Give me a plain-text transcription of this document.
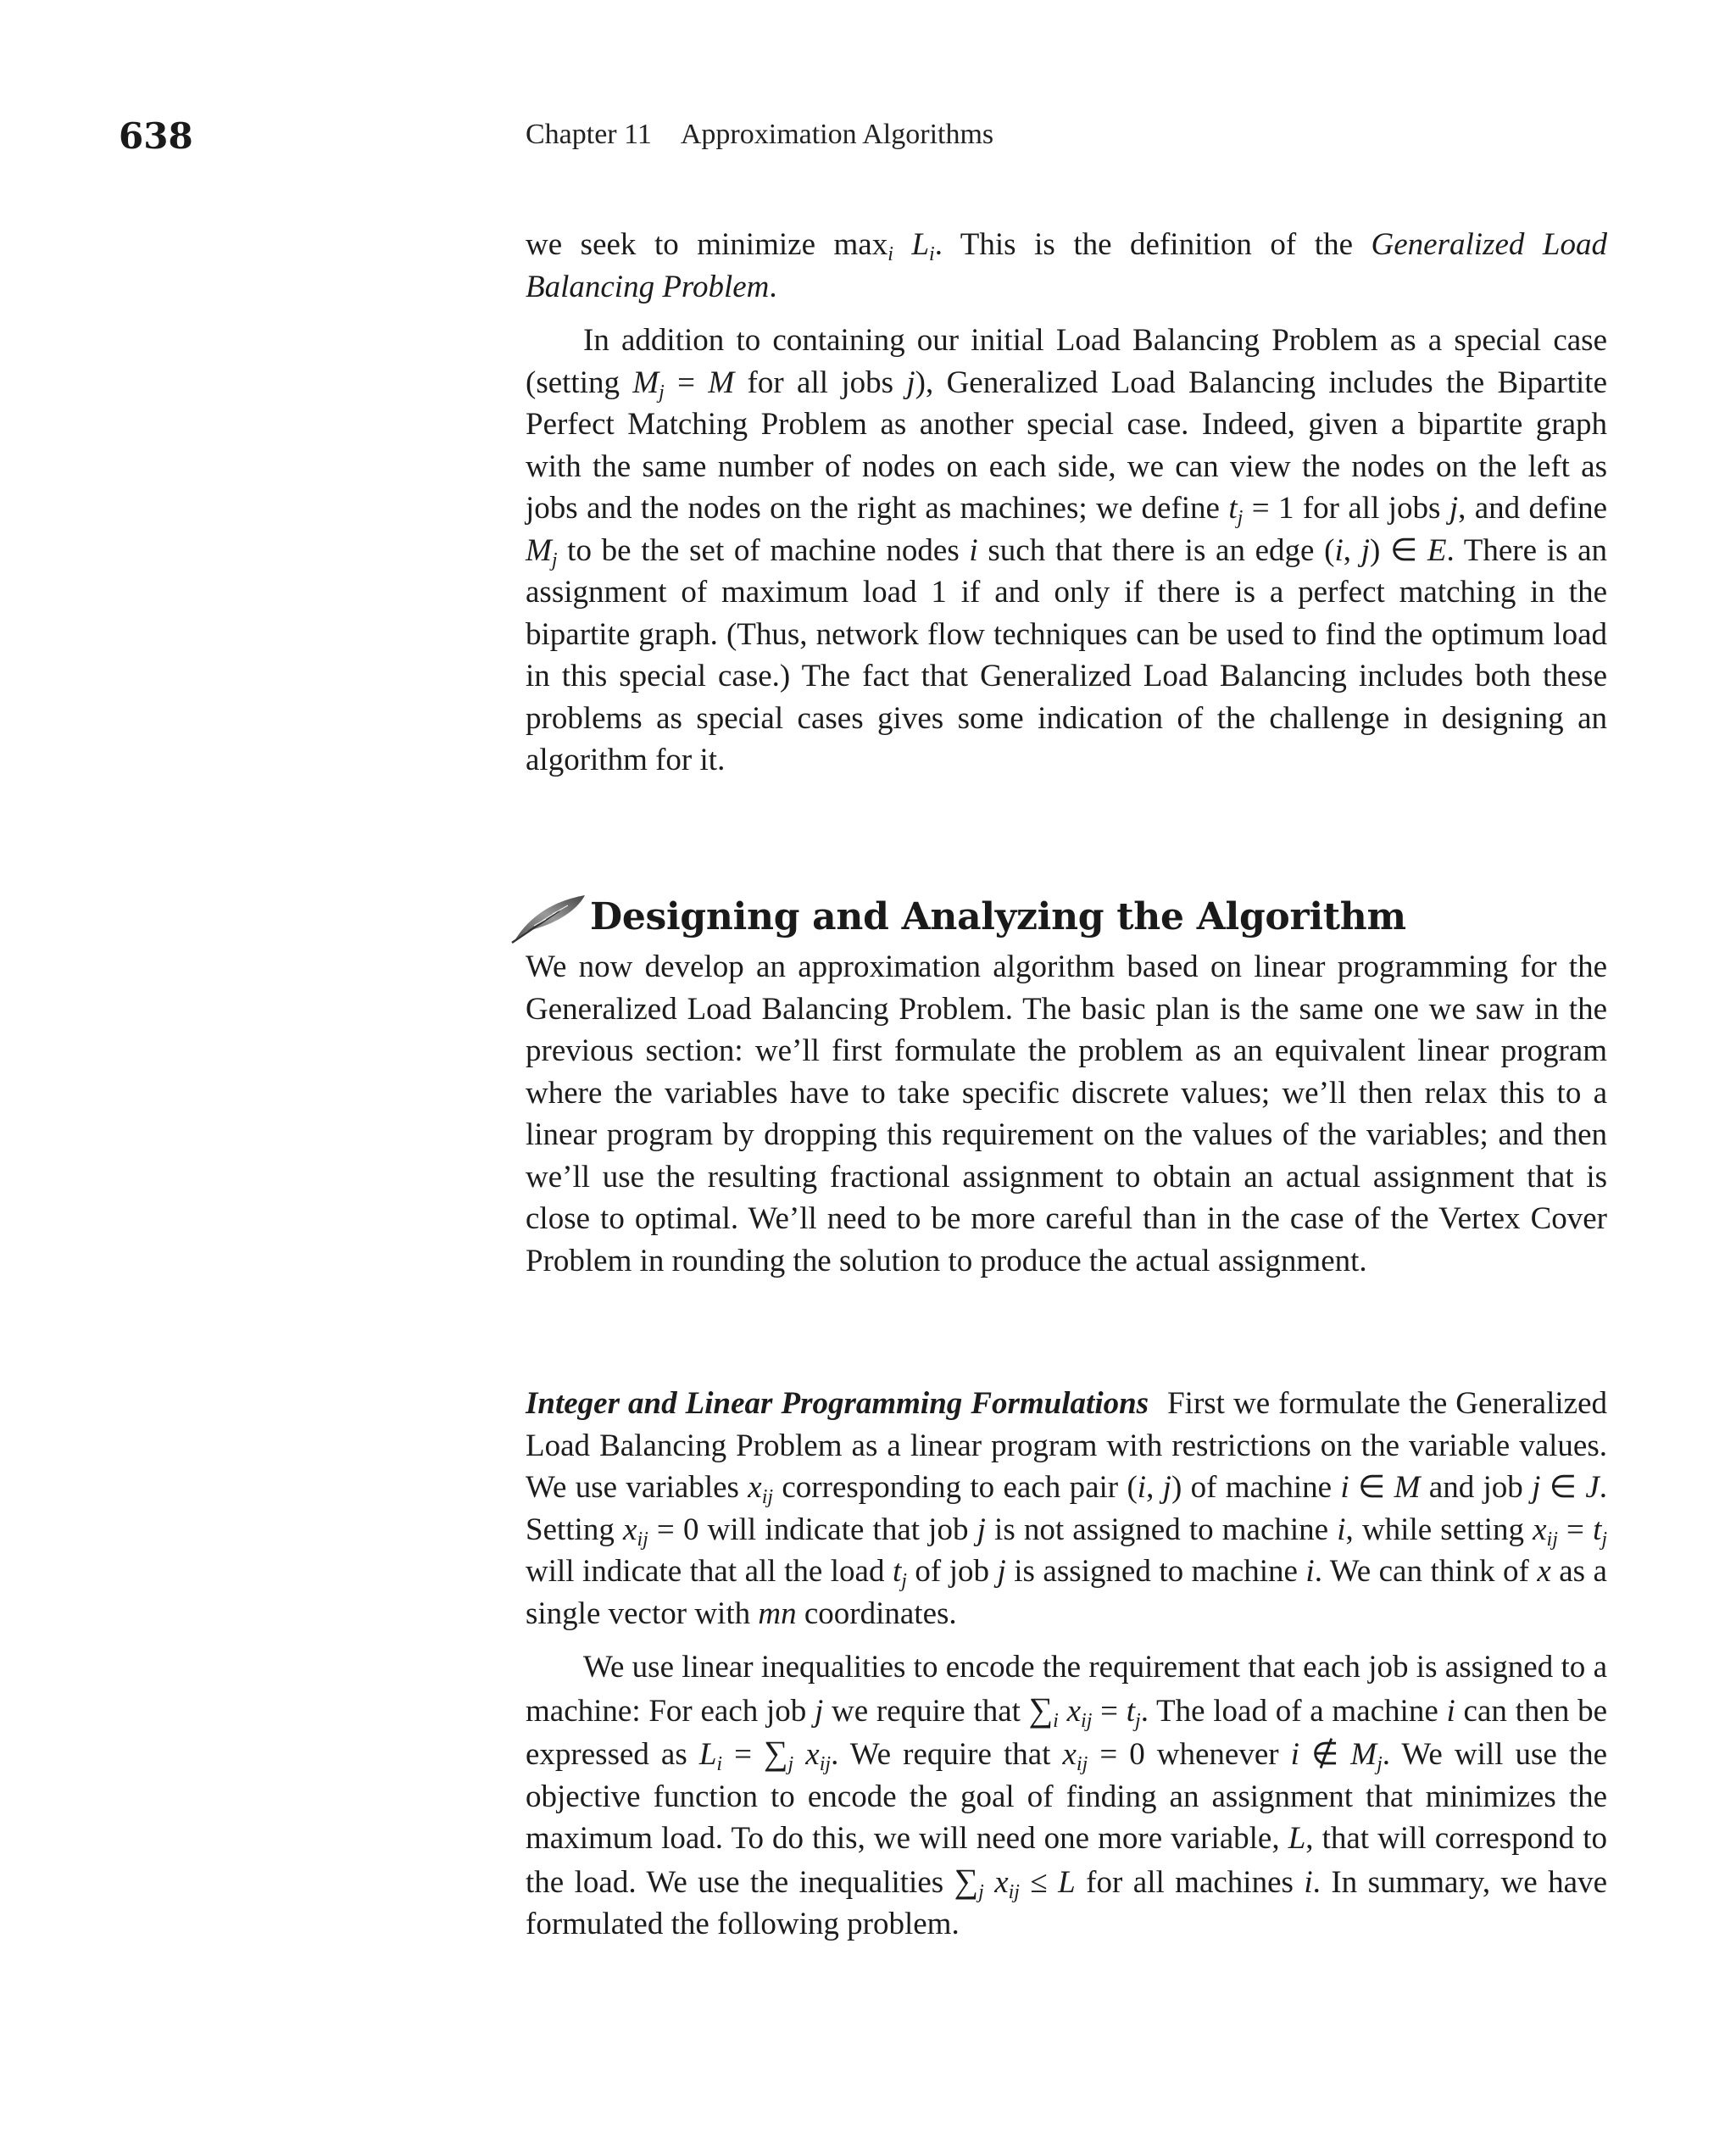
638	Chapter 11 Approximation Algorithms

we seek to minimize $\max_i L_i$. This is the definition of the Generalized Load Balancing Problem.

In addition to containing our initial Load Balancing Problem as a special case (setting $M_j = M$ for all jobs j), Generalized Load Balancing includes the Bipartite Perfect Matching Problem as another special case. Indeed, given a bipartite graph with the same number of nodes on each side, we can view the nodes on the left as jobs and the nodes on the right as machines; we define $t_j = 1$ for all jobs j, and define $M_j$ to be the set of machine nodes i such that there is an edge (i, j) ∈ E. There is an assignment of maximum load 1 if and only if there is a perfect matching in the bipartite graph. (Thus, network flow techniques can be used to find the optimum load in this special case.) The fact that Generalized Load Balancing includes both these problems as special cases gives some indication of the challenge in designing an algorithm for it.

Designing and Analyzing the Algorithm

We now develop an approximation algorithm based on linear programming for the Generalized Load Balancing Problem. The basic plan is the same one we saw in the previous section: we’ll first formulate the problem as an equivalent linear program where the variables have to take specific discrete values; we’ll then relax this to a linear program by dropping this requirement on the values of the variables; and then we’ll use the resulting fractional assignment to obtain an actual assignment that is close to optimal. We’ll need to be more careful than in the case of the Vertex Cover Problem in rounding the solution to produce the actual assignment.

Integer and Linear Programming Formulations First we formulate the Generalized Load Balancing Problem as a linear program with restrictions on the variable values. We use variables $x_{ij}$ corresponding to each pair (i, j) of machine i ∈ M and job j ∈ J. Setting $x_{ij} = 0$ will indicate that job j is not assigned to machine i, while setting $x_{ij} = t_j$ will indicate that all the load $t_j$ of job j is assigned to machine i. We can think of x as a single vector with mn coordinates.

We use linear inequalities to encode the requirement that each job is assigned to a machine: For each job j we require that $\sum_i$ $x_{ij} = t_j$. The load of a machine i can then be expressed as $L_i = \sum_j$ $x_{ij}$. We require that $x_{ij} = 0$ whenever i ∉ $M_j$. We will use the objective function to encode the goal of finding an assignment that minimizes the maximum load. To do this, we will need one more variable, L, that will correspond to the load. We use the inequalities $\sum_j$ $x_{ij} \le L$ for all machines i. In summary, we have formulated the following problem.
